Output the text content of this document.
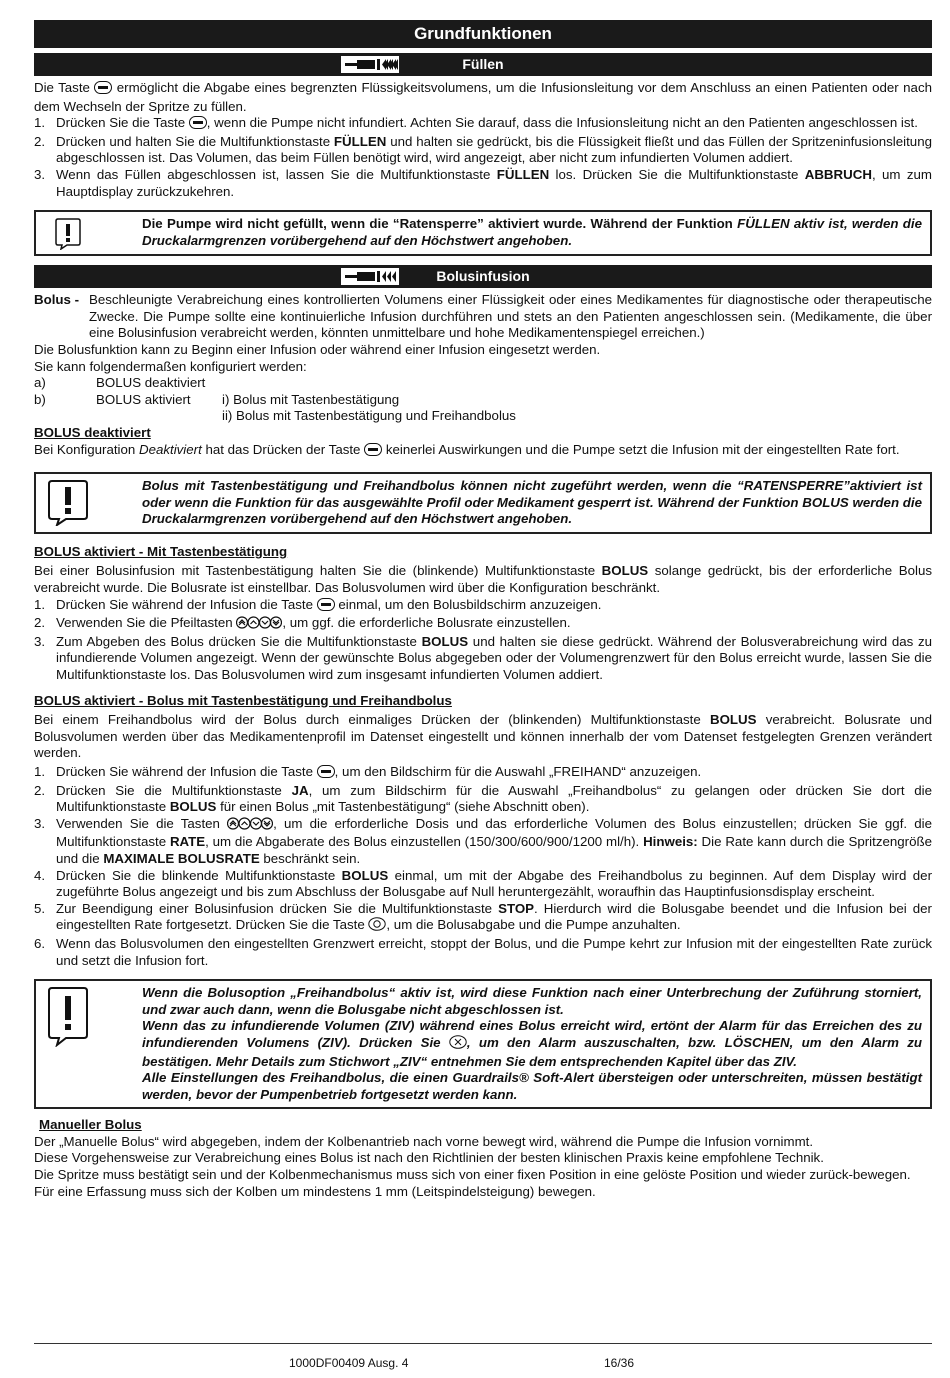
Grundfunktionen
Füllen

Die Taste  ermöglicht die Abgabe eines begrenzten Flüssigkeitsvolumens, um die Infusionsleitung vor dem Anschluss an einen Patienten oder nach dem Wechseln der Spritze zu füllen.

1. Drücken Sie die Taste , wenn die Pumpe nicht infundiert. Achten Sie darauf, dass die Infusionsleitung nicht an den Patienten angeschlossen ist.
2. Drücken und halten Sie die Multifunktionstaste FÜLLEN und halten sie gedrückt, bis die Flüssigkeit fließt und das Füllen der Spritzeninfusionsleitung abgeschlossen ist. Das Volumen, das beim Füllen benötigt wird, wird angezeigt, aber nicht zum infundierten Volumen addiert.
3. Wenn das Füllen abgeschlossen ist, lassen Sie die Multifunktionstaste FÜLLEN los. Drücken Sie die Multifunktionstaste ABBRUCH, um zum Hauptdisplay zurückzukehren.
Die Pumpe wird nicht gefüllt, wenn die “Ratensperre” aktiviert wurde. Während der Funktion FÜLLEN aktiv ist, werden die Druckalarmgrenzen vorübergehend auf den Höchstwert angehoben.
Bolusinfusion
Bolus - Beschleunigte Verabreichung eines kontrollierten Volumens einer Flüssigkeit oder eines Medikamentes für diagnostische oder therapeutische Zwecke. Die Pumpe sollte eine kontinuierliche Infusion durchführen und stets an den Patienten angeschlossen sein. (Medikamente, die über eine Bolusinfusion verabreicht werden, könnten unmittelbare und hohe Medikamentenspiegel erreichen.)

Die Bolusfunktion kann zu Beginn einer Infusion oder während einer Infusion eingesetzt werden.

Sie kann folgendermaßen konfiguriert werden:

a)	BOLUS deaktiviert
b)	BOLUS aktiviert	i) Bolus mit Tastenbestätigung
ii) Bolus mit Tastenbestätigung und Freihandbolus
BOLUS deaktiviert

Bei Konfiguration Deaktiviert hat das Drücken der Taste  keinerlei Auswirkungen und die Pumpe setzt die Infusion mit der eingestellten Rate fort.

Bolus mit Tastenbestätigung und Freihandbolus können nicht zugeführt werden, wenn die “RATENSPERRE”aktiviert ist oder wenn die Funktion für das ausgewählte Profil oder Medikament gesperrt ist. Während der Funktion BOLUS werden die Druckalarmgrenzen vorübergehend auf den Höchstwert angehoben.
BOLUS aktiviert - Mit Tastenbestätigung

Bei einer Bolusinfusion mit Tastenbestätigung halten Sie die (blinkende) Multifunktionstaste BOLUS solange gedrückt, bis der erforderliche Bolus verabreicht wurde. Die Bolusrate ist einstellbar. Das Bolusvolumen wird über die Konfiguration beschränkt.

1. Drücken Sie während der Infusion die Taste  einmal, um den Bolusbildschirm anzuzeigen.
2. Verwenden Sie die Pfeiltasten	, um ggf. die erforderliche Bolusrate einzustellen.
3. Zum Abgeben des Bolus drücken Sie die Multifunktionstaste BOLUS und halten sie diese gedrückt. Während der Bolusverabreichung wird das zu infundierende Volumen angezeigt. Wenn der gewünschte Bolus abgegeben oder der Volumengrenzwert für den Bolus erreicht wurde, lassen Sie die Multifunktionstaste los. Das Bolusvolumen wird zum insgesamt infundierten Volumen addiert.
BOLUS aktiviert - Bolus mit Tastenbestätigung und Freihandbolus

Bei einem Freihandbolus wird der Bolus durch einmaliges Drücken der (blinkenden) Multifunktionstaste BOLUS verabreicht. Bolusrate und Bolusvolumen werden über das Medikamentenprofil im Datenset eingestellt und können innerhalb der vom Datenset festgelegten Grenzen verändert werden.

1. Drücken Sie während der Infusion die Taste , um den Bildschirm für die Auswahl „FREIHAND“ anzuzeigen.
2. Drücken Sie die Multifunktionstaste JA, um zum Bildschirm für die Auswahl „Freihandbolus“ zu gelangen oder drücken Sie dort die Multifunktionstaste BOLUS für einen Bolus „mit Tastenbestätigung“ (siehe Abschnitt oben).
3. Verwenden Sie die Tasten	, um die erforderliche Dosis und das erforderliche Volumen des Bolus einzustellen; drücken Sie ggf. die Multifunktionstaste RATE, um die Abgaberate des Bolus einzustellen (150/300/600/900/1200 ml/h). Hinweis: Die Rate kann durch die Spritzengröße und die MAXIMALE BOLUSRATE beschränkt sein.
4. Drücken Sie die blinkende Multifunktionstaste BOLUS einmal, um mit der Abgabe des Freihandbolus zu beginnen. Auf dem Display wird der zugeführte Bolus angezeigt und bis zum Abschluss der Bolusgabe auf Null heruntergezählt, woraufhin das Hauptinfusionsdisplay erscheint.
5. Zur Beendigung einer Bolusinfusion drücken Sie die Multifunktionstaste STOP. Hierdurch wird die Bolusgabe beendet und die Infusion bei der eingestellten Rate fortgesetzt. Drücken Sie die Taste , um die Bolusabgabe und die Pumpe anzuhalten.
6. Wenn das Bolusvolumen den eingestellten Grenzwert erreicht, stoppt der Bolus, und die Pumpe kehrt zur Infusion mit der eingestellten Rate zurück und setzt die Infusion fort.
Wenn die Bolusoption „Freihandbolus“ aktiv ist, wird diese Funktion nach einer Unterbrechung der Zuführung storniert, und zwar auch dann, wenn die Bolusgabe nicht abgeschlossen ist.
Wenn das zu infundierende Volumen (ZIV) während eines Bolus erreicht wird, ertönt der Alarm für das Erreichen des zu infundierenden Volumens (ZIV). Drücken Sie , um den Alarm auszuschalten, bzw. LÖSCHEN, um den Alarm zu bestätigen. Mehr Details zum Stichwort „ZIV“ entnehmen Sie dem entsprechenden Kapitel über das ZIV.
Alle Einstellungen des Freihandbolus, die einen Guardrails® Soft-Alert übersteigen oder unterschreiten, müssen bestätigt werden, bevor der Pumpenbetrieb fortgesetzt werden kann.
Manueller Bolus

Der „Manuelle Bolus“ wird abgegeben, indem der Kolbenantrieb nach vorne bewegt wird, während die Pumpe die Infusion vornimmt.

Diese Vorgehensweise zur Verabreichung eines Bolus ist nach den Richtlinien der besten klinischen Praxis keine empfohlene Technik.

Die Spritze muss bestätigt sein und der Kolbenmechanismus muss sich von einer fixen Position in eine gelöste Position und wieder zurück-bewegen.

Für eine Erfassung muss sich der Kolben um mindestens 1 mm (Leitspindelsteigung) bewegen.

1000DF00409 Ausg. 4	16/36
